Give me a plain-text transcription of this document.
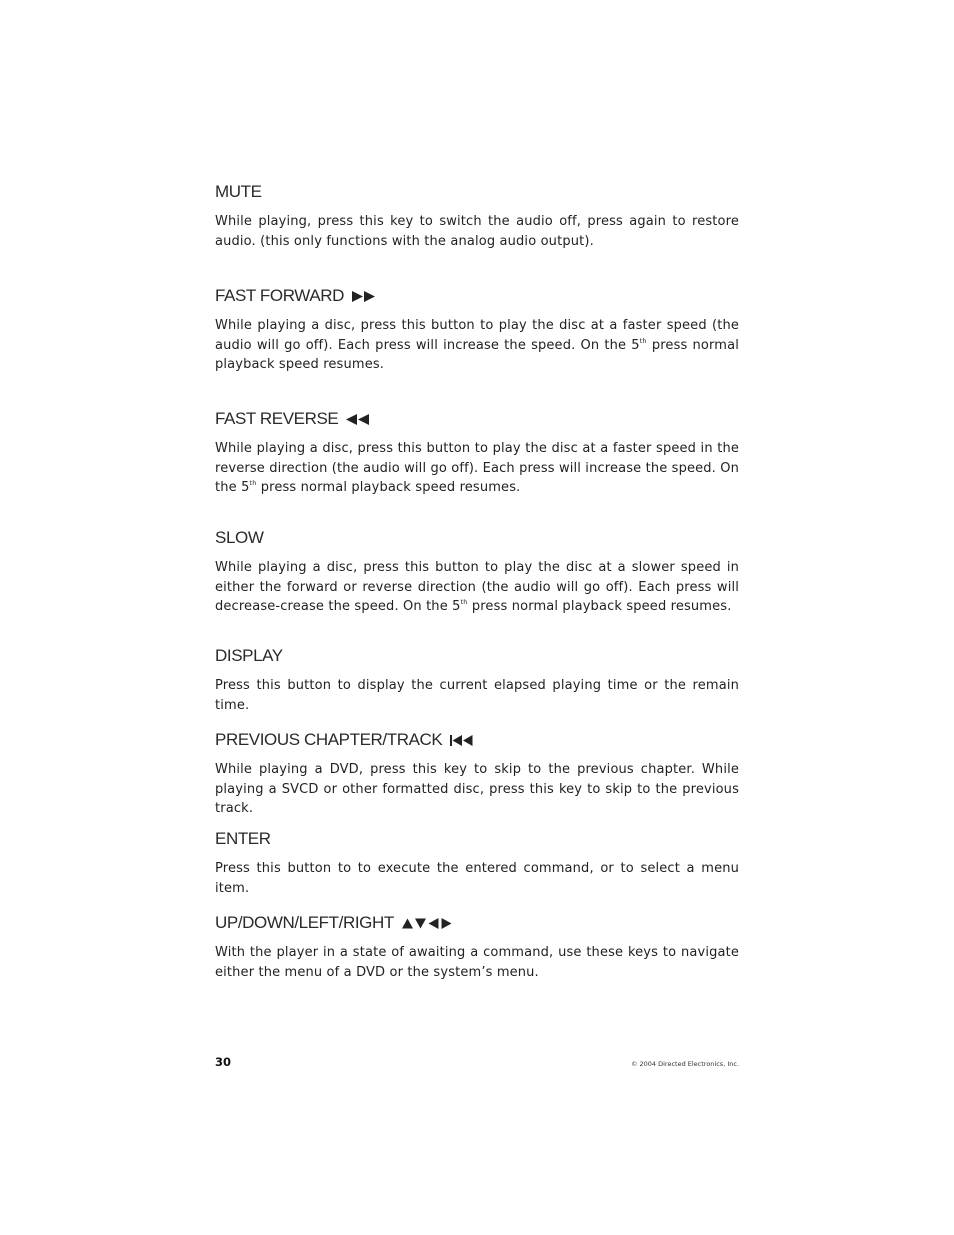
MUTE
While playing, press this key to switch the audio off, press again to restore audio. (this only functions with the analog audio output).
FAST FORWARD
While playing a disc, press this button to play the disc at a faster speed (the audio will go off). Each press will increase the speed. On the 5th press normal playback speed resumes.
FAST REVERSE
While playing a disc, press this button to play the disc at a faster speed in the reverse direction (the audio will go off). Each press will increase the speed. On the 5th press normal playback speed resumes.
SLOW
While playing a disc, press this button to play the disc at a slower speed in either the forward or reverse direction (the audio will go off). Each press will decrease-crease the speed. On the 5th press normal playback speed resumes.
DISPLAY
Press this button to display the current elapsed playing time or the remain time.
PREVIOUS CHAPTER/TRACK
While playing a DVD, press this key to skip to the previous chapter. While playing a SVCD or other formatted disc, press this key to skip to the previous track.
ENTER
Press this button to to execute the entered command, or to select a menu item.
UP/DOWN/LEFT/RIGHT
With the player in a state of awaiting a command, use these keys to navigate either the menu of a DVD or the system’s menu.
30	© 2004 Directed Electronics, Inc.
